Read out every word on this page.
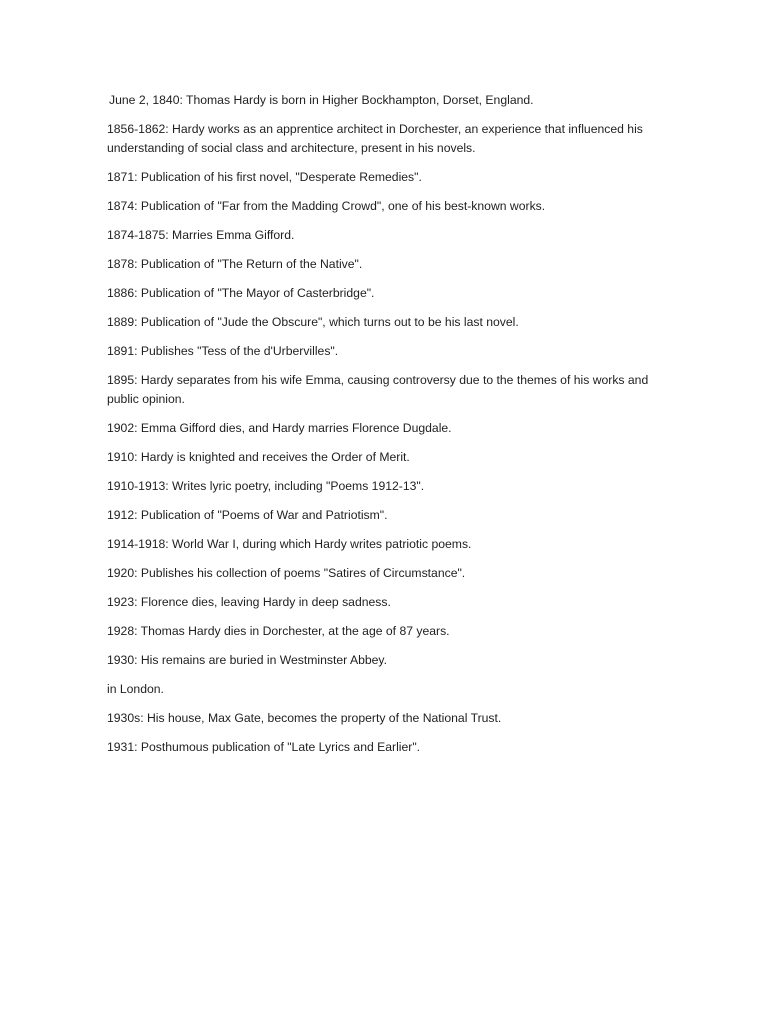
June 2, 1840: Thomas Hardy is born in Higher Bockhampton, Dorset, England.

1856-1862: Hardy works as an apprentice architect in Dorchester, an experience that influenced his understanding of social class and architecture, present in his novels.

1871: Publication of his first novel, "Desperate Remedies".

1874: Publication of "Far from the Madding Crowd", one of his best-known works.

1874-1875: Marries Emma Gifford.

1878: Publication of "The Return of the Native".

1886: Publication of "The Mayor of Casterbridge".

1889: Publication of "Jude the Obscure", which turns out to be his last novel.

1891: Publishes "Tess of the d'Urbervilles".

1895: Hardy separates from his wife Emma, causing controversy due to the themes of his works and public opinion.

1902: Emma Gifford dies, and Hardy marries Florence Dugdale.

1910: Hardy is knighted and receives the Order of Merit.

1910-1913: Writes lyric poetry, including "Poems 1912-13".

1912: Publication of "Poems of War and Patriotism".

1914-1918: World War I, during which Hardy writes patriotic poems.

1920: Publishes his collection of poems "Satires of Circumstance".

1923: Florence dies, leaving Hardy in deep sadness.

1928: Thomas Hardy dies in Dorchester, at the age of 87 years.

1930: His remains are buried in Westminster Abbey.

in London.

1930s: His house, Max Gate, becomes the property of the National Trust.

1931: Posthumous publication of "Late Lyrics and Earlier".
